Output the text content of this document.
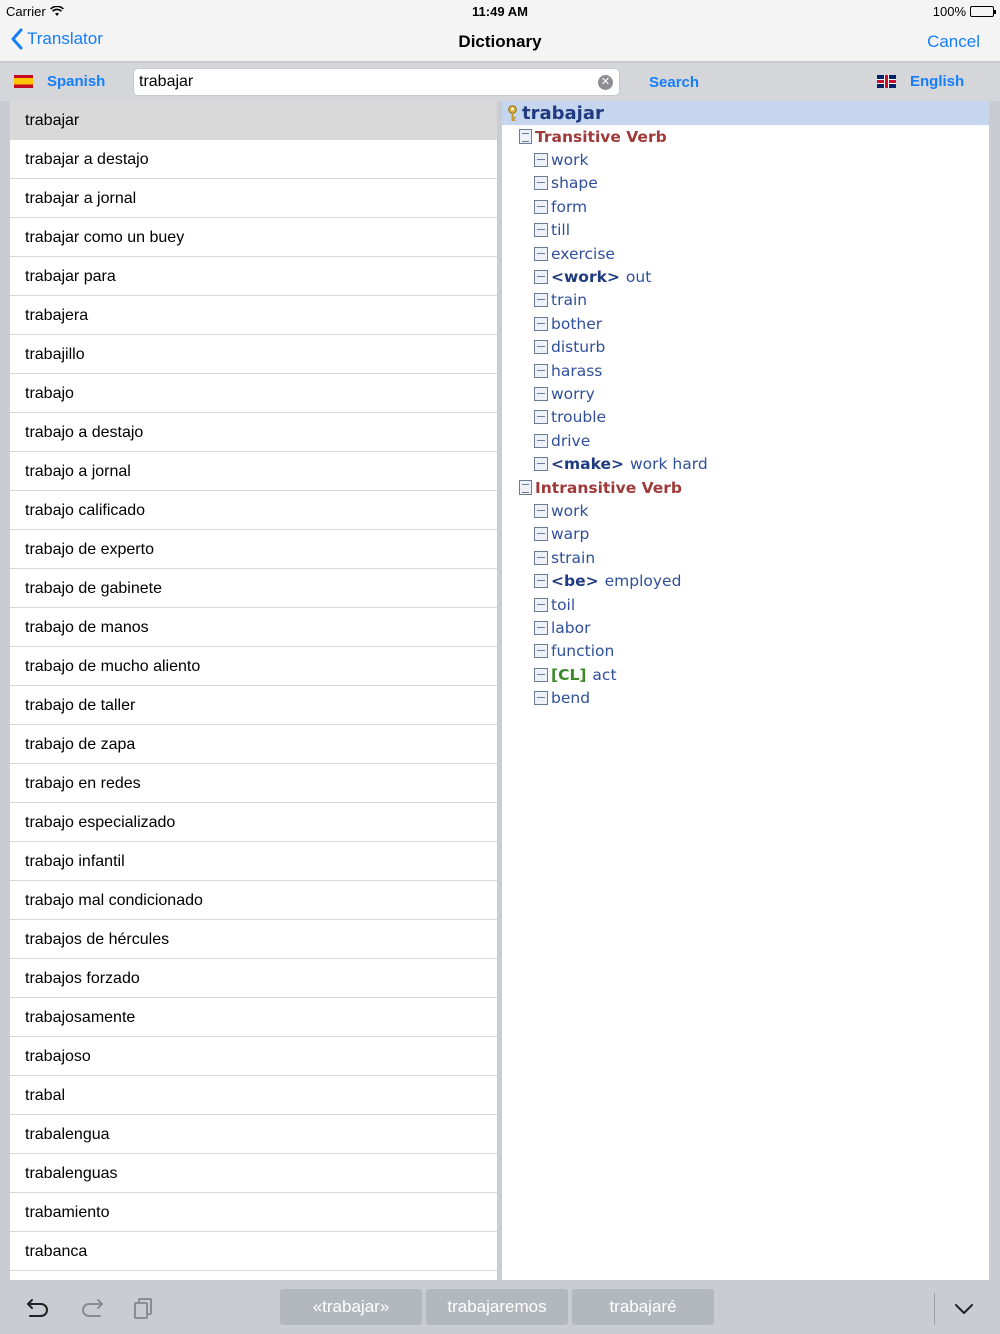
Carrier	11:49 AM	100%
Translator	Dictionary	Cancel
Spanish
trabajar	✕	Search	English
trabajar
trabajar a destajo
trabajar a jornal
trabajar como un buey
trabajar para
trabajera
trabajillo
trabajo
trabajo a destajo
trabajo a jornal
trabajo calificado
trabajo de experto
trabajo de gabinete
trabajo de manos
trabajo de mucho aliento
trabajo de taller
trabajo de zapa
trabajo en redes
trabajo especializado
trabajo infantil
trabajo mal condicionado
trabajos de hércules
trabajos forzado
trabajosamente
trabajoso
trabal
trabalengua
trabalenguas
trabamiento
trabanca
trabajar
Transitive Verb
work
shape
form
till
exercise
<work> out
train
bother
disturb
harass
worry
trouble
drive
<make> work hard
Intransitive Verb
work
warp
strain
<be> employed
toil
labor
function
[CL] act
bend
«trabajar»	trabajaremos	trabajaré
